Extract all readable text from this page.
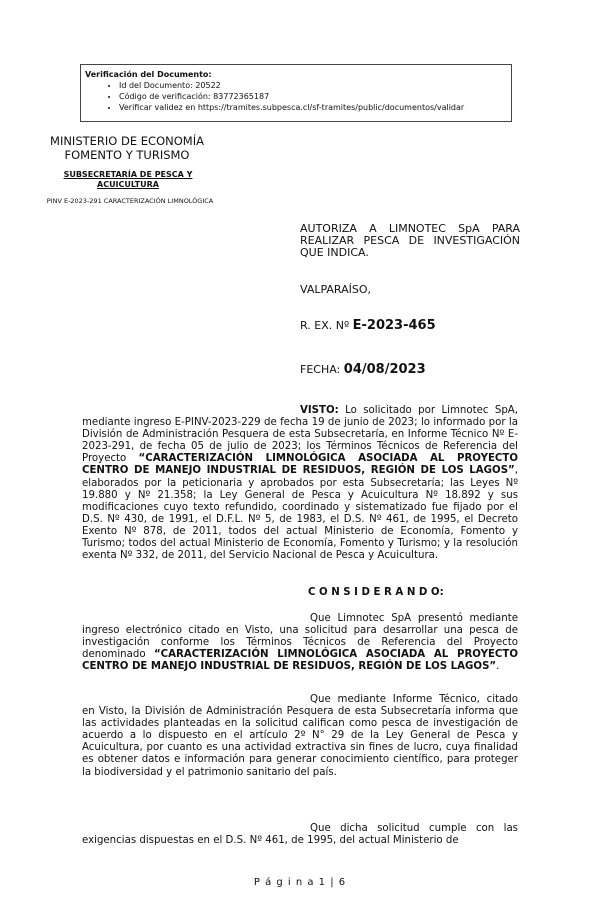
Verificación del Documento:
• Id del Documento: 20522
• Código de verificación: 83772365187
• Verificar validez en https://tramites.subpesca.cl/sf-tramites/public/documentos/validar
MINISTERIO DE ECONOMÍA
FOMENTO Y TURISMO
SUBSECRETARÍA DE PESCA Y ACUICULTURA
PINV E-2023-291 CARACTERIZACIÓN LIMNOLÓGICA
AUTORIZA A LIMNOTEC SpA PARA REALIZAR PESCA DE INVESTIGACIÓN QUE INDICA.
VALPARAÍSO,
R. EX. Nº E-2023-465
FECHA: 04/08/2023

VISTO: Lo solicitado por Limnotec SpA, mediante ingreso E-PINV-2023-229 de fecha 19 de junio de 2023; lo informado por la División de Administración Pesquera de esta Subsecretaría, en Informe Técnico Nº E-2023-291, de fecha 05 de julio de 2023; los Términos Técnicos de Referencia del Proyecto “CARACTERIZACIÓN LIMNOLÓGICA ASOCIADA AL PROYECTO CENTRO DE MANEJO INDUSTRIAL DE RESIDUOS, REGIÓN DE LOS LAGOS”, elaborados por la peticionaria y aprobados por esta Subsecretaría; las Leyes Nº 19.880 y Nº 21.358; la Ley General de Pesca y Acuicultura Nº 18.892 y sus modificaciones cuyo texto refundido, coordinado y sistematizado fue fijado por el D.S. Nº 430, de 1991, el D.F.L. Nº 5, de 1983, el D.S. Nº 461, de 1995, el Decreto Exento Nº 878, de 2011, todos del actual Ministerio de Economía, Fomento y Turismo; todos del actual Ministerio de Economía, Fomento y Turismo; y la resolución exenta Nº 332, de 2011, del Servicio Nacional de Pesca y Acuicultura.

C O N S I D E R A N D O:

Que Limnotec SpA presentó mediante ingreso electrónico citado en Visto, una solicitud para desarrollar una pesca de investigación conforme los Términos Técnicos de Referencia del Proyecto denominado “CARACTERIZACIÓN LIMNOLÓGICA ASOCIADA AL PROYECTO CENTRO DE MANEJO INDUSTRIAL DE RESIDUOS, REGIÓN DE LOS LAGOS”.

Que mediante Informe Técnico, citado en Visto, la División de Administración Pesquera de esta Subsecretaría informa que las actividades planteadas en la solicitud califican como pesca de investigación de acuerdo a lo dispuesto en el artículo 2º N° 29 de la Ley General de Pesca y Acuicultura, por cuanto es una actividad extractiva sin fines de lucro, cuya finalidad es obtener datos e información para generar conocimiento científico, para proteger la biodiversidad y el patrimonio sanitario del país.

Que dicha solicitud cumple con las exigencias dispuestas en el D.S. Nº 461, de 1995, del actual Ministerio de

P á g i n a 1 | 6
